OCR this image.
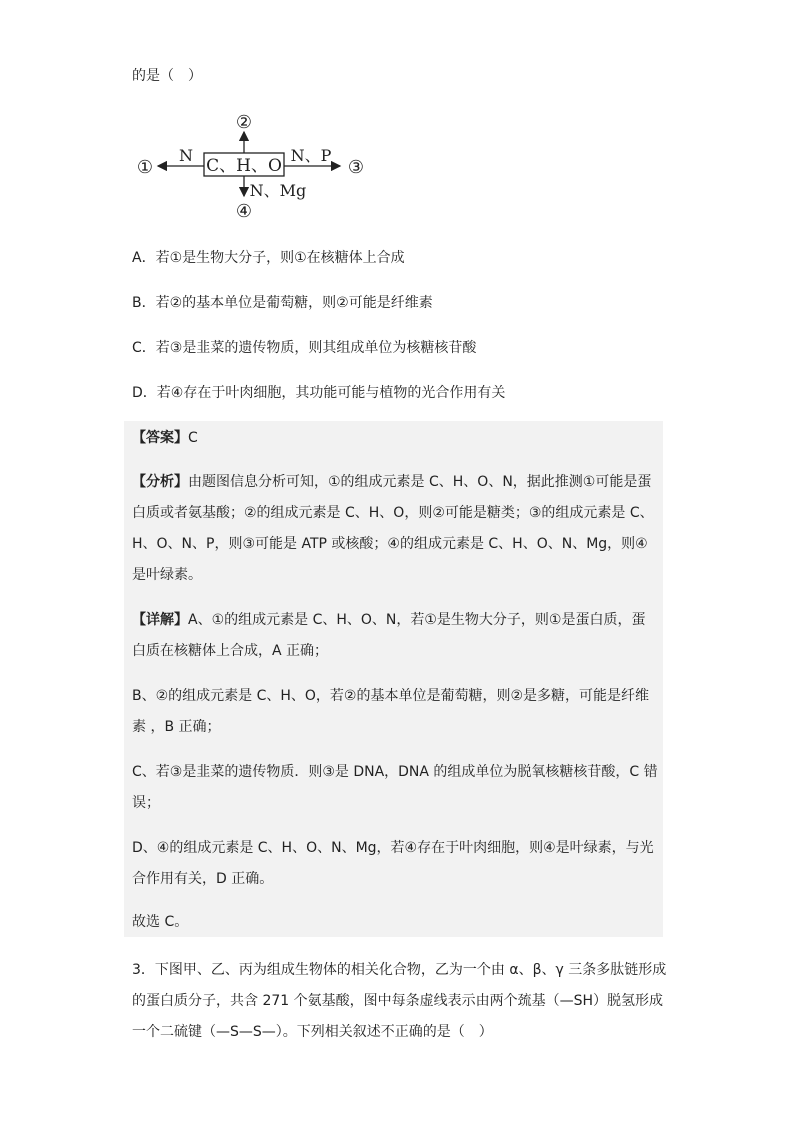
的是（　）
C、H、O
②
N
①
N、P
③
N、Mg
④
A．若①是生物大分子，则①在核糖体上合成
B．若②的基本单位是葡萄糖，则②可能是纤维素
C．若③是韭菜的遗传物质，则其组成单位为核糖核苷酸
D．若④存在于叶肉细胞，其功能可能与植物的光合作用有关
【答案】C
【分析】由题图信息分析可知，①的组成元素是 C、H、O、N，据此推测①可能是蛋
白质或者氨基酸；②的组成元素是 C、H、O，则②可能是糖类；③的组成元素是 C、
H、O、N、P，则③可能是 ATP 或核酸；④的组成元素是 C、H、O、N、Mg，则④
是叶绿素。
【详解】A、①的组成元素是 C、H、O、N，若①是生物大分子，则①是蛋白质，蛋
白质在核糖体上合成，A 正确；
B、②的组成元素是 C、H、O，若②的基本单位是葡萄糖，则②是多糖，可能是纤维
素 ，B 正确；
C、若③是韭菜的遗传物质．则③是 DNA，DNA 的组成单位为脱氧核糖核苷酸，C 错
误；
D、④的组成元素是 C、H、O、N、Mg，若④存在于叶肉细胞，则④是叶绿素，与光
合作用有关，D 正确。
故选 C。
3．下图甲、乙、丙为组成生物体的相关化合物，乙为一个由 α、β、γ 三条多肽链形成
的蛋白质分子，共含 271 个氨基酸，图中每条虚线表示由两个巯基（—SH）脱氢形成
一个二硫键（—S—S—）。下列相关叙述不正确的是（　）
